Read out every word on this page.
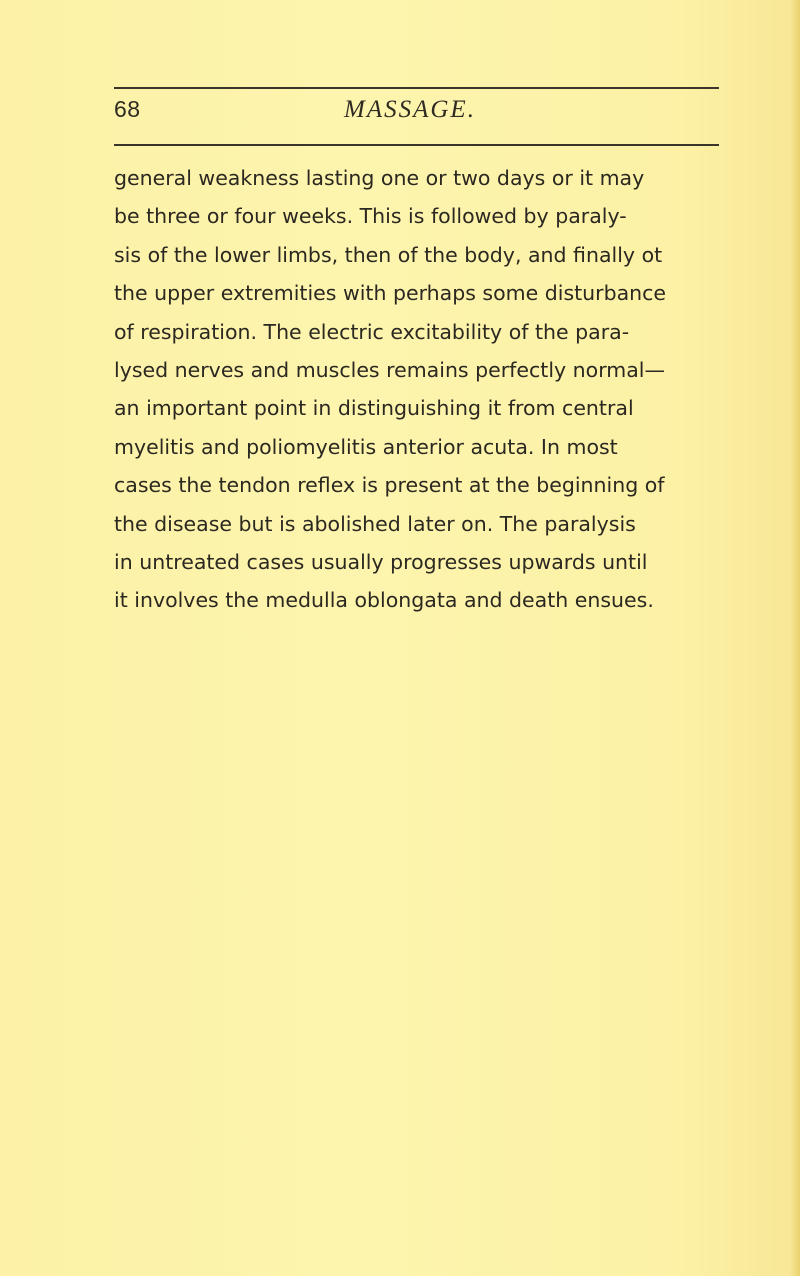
68	MASSAGE.

general weakness lasting one or two days or it may
be three or four weeks. This is followed by paraly-
sis of the lower limbs, then of the body, and finally ot
the upper extremities with perhaps some disturbance
of respiration. The electric excitability of the para-
lysed nerves and muscles remains perfectly normal—
an important point in distinguishing it from central
myelitis and poliomyelitis anterior acuta. In most
cases the tendon reflex is present at the beginning of
the disease but is abolished later on. The paralysis
in untreated cases usually progresses upwards until
it involves the medulla oblongata and death ensues.
